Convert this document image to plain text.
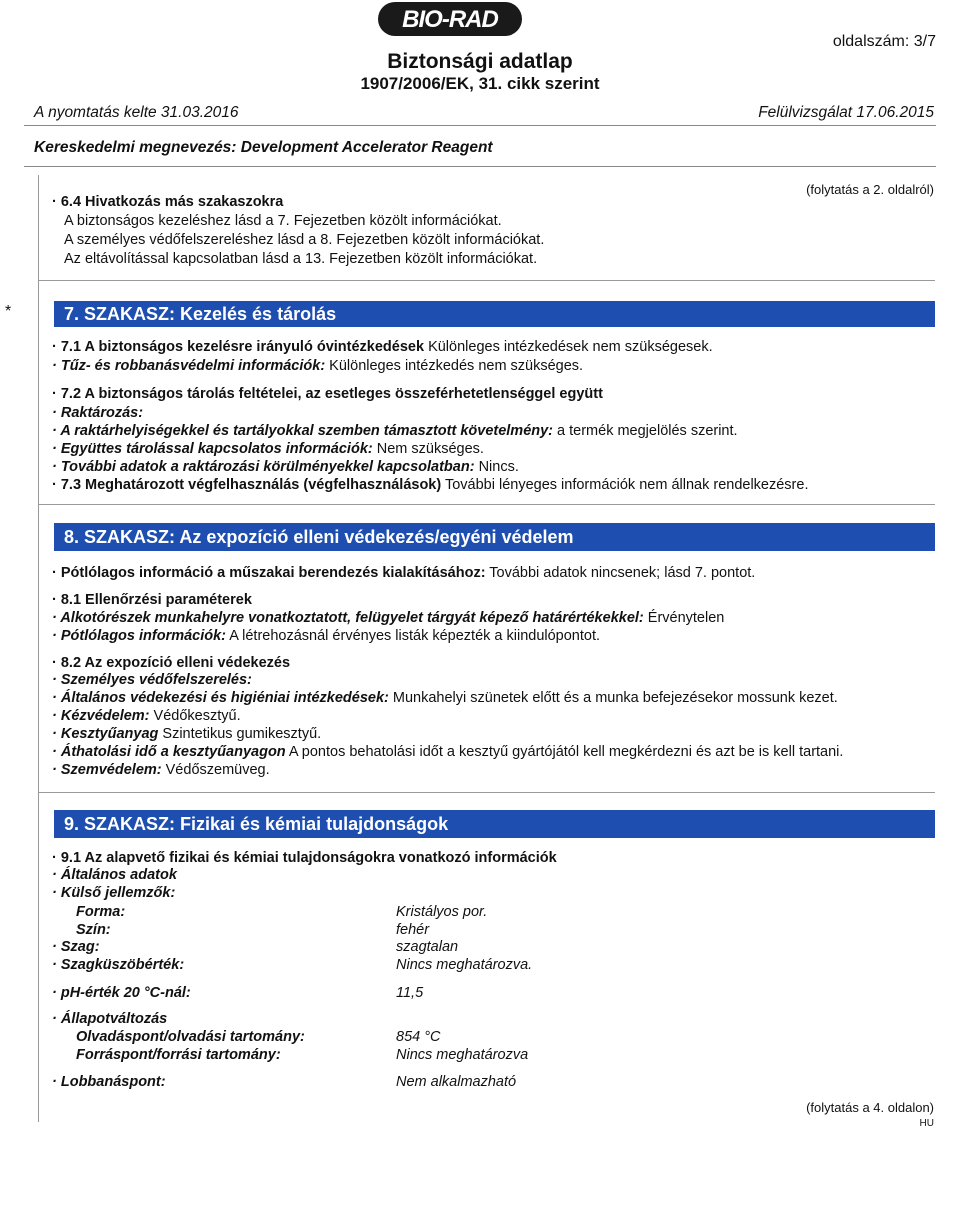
BIO-RAD
oldalszám: 3/7
Biztonsági adatlap
1907/2006/EK, 31. cikk szerint
A nyomtatás kelte 31.03.2016	Felülvizsgálat 17.06.2015
Kereskedelmi megnevezés: Development Accelerator Reagent
(folytatás a 2. oldalról)
· 6.4 Hivatkozás más szakaszokra
A biztonságos kezeléshez lásd a 7. Fejezetben közölt információkat.
A személyes védőfelszereléshez lásd a 8. Fejezetben közölt információkat.
Az eltávolítással kapcsolatban lásd a 13. Fejezetben közölt információkat.
*	7. SZAKASZ: Kezelés és tárolás
· 7.1 A biztonságos kezelésre irányuló óvintézkedések Különleges intézkedések nem szükségesek.
· Tűz- és robbanásvédelmi információk: Különleges intézkedés nem szükséges.
· 7.2 A biztonságos tárolás feltételei, az esetleges összeférhetetlenséggel együtt
· Raktározás:
· A raktárhelyiségekkel és tartályokkal szemben támasztott követelmény: a termék megjelölés szerint.
· Együttes tárolással kapcsolatos információk: Nem szükséges.
· További adatok a raktározási körülményekkel kapcsolatban: Nincs.
· 7.3 Meghatározott végfelhasználás (végfelhasználások) További lényeges információk nem állnak rendelkezésre.
8. SZAKASZ: Az expozíció elleni védekezés/egyéni védelem
· Pótlólagos információ a műszakai berendezés kialakításához: További adatok nincsenek; lásd 7. pontot.
· 8.1 Ellenőrzési paraméterek
· Alkotórészek munkahelyre vonatkoztatott, felügyelet tárgyát képező határértékekkel: Érvénytelen
· Pótlólagos információk: A létrehozásnál érvényes listák képezték a kiindulópontot.
· 8.2 Az expozíció elleni védekezés
· Személyes védőfelszerelés:
· Általános védekezési és higiéniai intézkedések: Munkahelyi szünetek előtt és a munka befejezésekor mossunk kezet.
· Kézvédelem: Védőkesztyű.
· Kesztyűanyag Szintetikus gumikesztyű.
· Áthatolási idő a kesztyűanyagon A pontos behatolási időt a kesztyű gyártójától kell megkérdezni és azt be is kell tartani.
· Szemvédelem: Védőszemüveg.
9. SZAKASZ: Fizikai és kémiai tulajdonságok
· 9.1 Az alapvető fizikai és kémiai tulajdonságokra vonatkozó információk
· Általános adatok
· Külső jellemzők:
Forma:	Kristályos por.
Szín:	fehér
· Szag:	szagtalan
· Szagküszöbérték:	Nincs meghatározva.
· pH-érték 20 °C-nál:	11,5
· Állapotváltozás
Olvadáspont/olvadási tartomány:	854 °C
Forráspont/forrási tartomány:	Nincs meghatározva
· Lobbanáspont:	Nem alkalmazható
(folytatás a 4. oldalon)
HU
